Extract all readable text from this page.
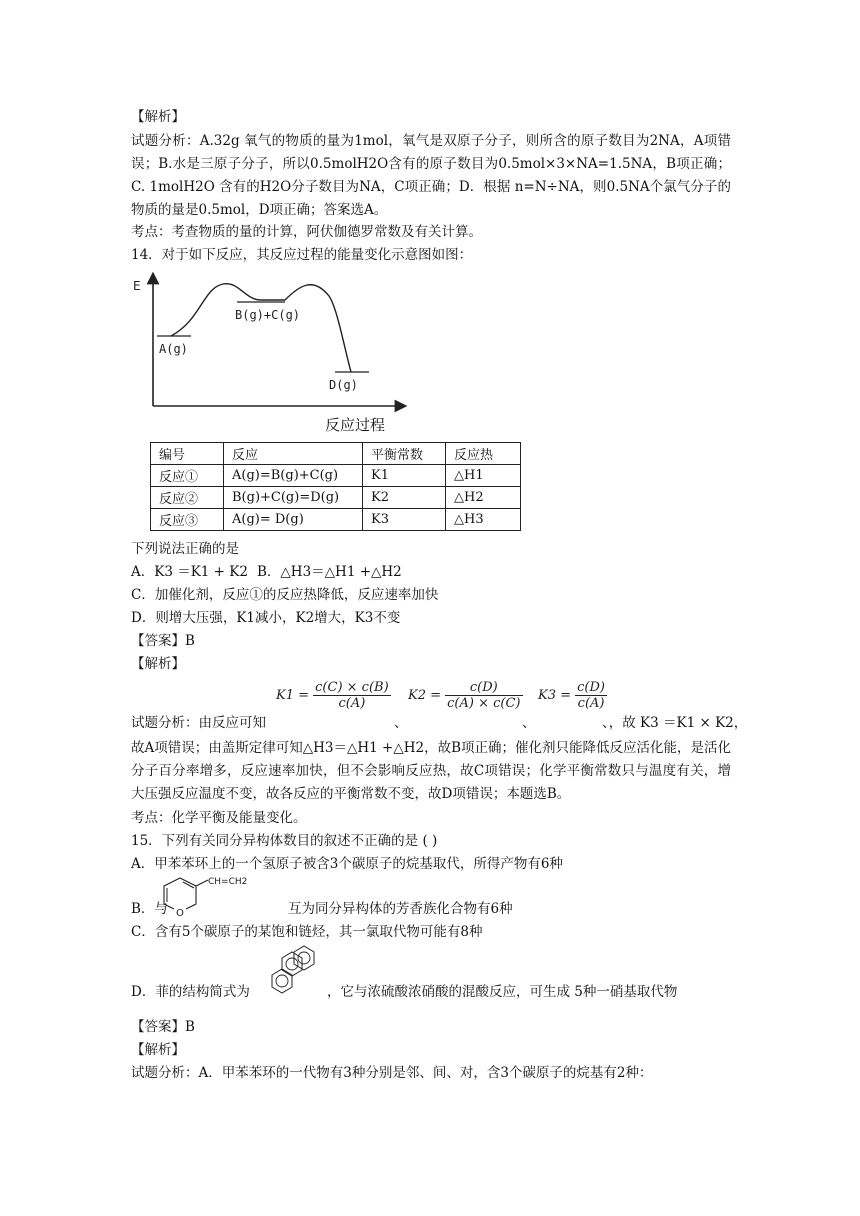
【解析】
试题分析：A.32g 氧气的物质的量为1mol，氧气是双原子分子，则所含的原子数目为2NA，A项错误；B.水是三原子分子，所以0.5molH2O含有的原子数目为0.5mol×3×NA=1.5NA，B项正确；C. 1molH2O 含有的H2O分子数目为NA，C项正确；D．根据 n=N÷NA，则0.5NA个氯气分子的物质的量是0.5mol，D项正确；答案选A。
考点：考查物质的量的计算，阿伏伽德罗常数及有关计算。
14．对于如下反应，其反应过程的能量变化示意图如图：
E
A(g)
B(g)+C(g)
D(g)
反应过程
编号	反应	平衡常数	反应热
反应①	A(g)=B(g)+C(g)	K1	△H1
反应②	B(g)+C(g)=D(g)	K2	△H2
反应③	A(g)= D(g)	K3	△H3
下列说法正确的是
A．K3 ＝K1 + K2 B．△H3＝△H1 +△H2
C．加催化剂，反应①的反应热降低，反应速率加快
D．则增大压强，K1减小，K2增大，K3不变
【答案】B
【解析】
$K1 = \frac{c(C) \times c(B)}{c(A)} K2 = \frac{c(D)}{c(A) \times c(C)} K3 = \frac{c(D)}{c(A)}$
试题分析：由反应可知	、	、	、，故 K3 ＝K1 × K2，
故A项错误；由盖斯定律可知△H3＝△H1 +△H2，故B项正确；催化剂只能降低反应活化能，是活化分子百分率增多，反应速率加快，但不会影响反应热，故C项错误；化学平衡常数只与温度有关，增大压强反应温度不变，故各反应的平衡常数不变，故D项错误；本题选B。
考点：化学平衡及能量变化。
15．下列有关同分异构体数目的叙述不正确的是 ( )
A．甲苯苯环上的一个氢原子被含3个碳原子的烷基取代，所得产物有6种
O
CH=CH2
B．与	互为同分异构体的芳香族化合物有6种
C．含有5个碳原子的某饱和链烃，其一氯取代物可能有8种
D．菲的结构简式为	，它与浓硫酸浓硝酸的混酸反应，可生成 5种一硝基取代物
【答案】B
【解析】
试题分析：A．甲苯苯环的一代物有3种分别是邻、间、对，含3个碳原子的烷基有2种：
